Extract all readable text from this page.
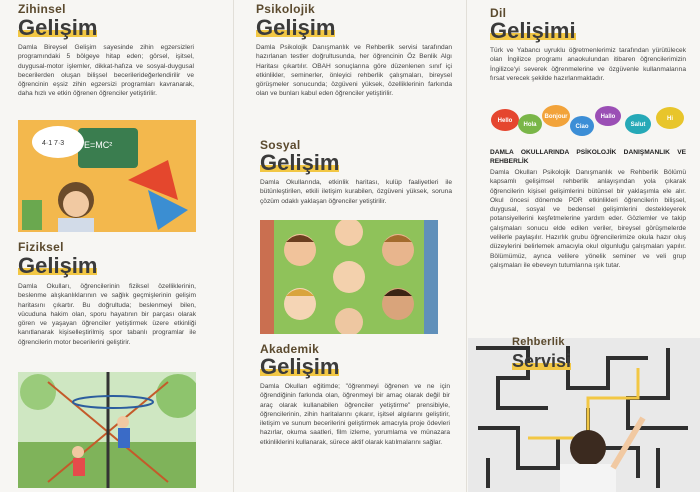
Zihinsel
Gelişim
Damla Bireysel Gelişim sayesinde zihin egzersizleri programındaki 5 bölgeye hitap eden; görsel, işitsel, duygusal-motor işlemler, dikkat-hafıza ve sosyal-duygusal becerilerden oluşan bilişsel becerilerideğerlendirilir ve öğrencinin eşsiz zihin egzersizi programları kavranarak, daha hızlı ve etkin öğrenen öğrenciler yetiştirilir.
E=MC²
4·1 7·3
Fiziksel
Gelişim
Damla Okulları, öğrencilerinin fiziksel özelliklerinin, beslenme alışkanlıklarının ve sağlık geçmişlerinin gelişim haritasını çıkartır. Bu doğrultuda; beslenmeyi bilen, vücuduna hakim olan, sporu hayatının bir parçası olarak gören ve yaşayan öğrenciler yetiştirmek üzere etkinliği kanıtlanarak kişiselleştirilmiş spor tabanlı programlar ile öğrencilerin motor becerilerini geliştirir.
Psikolojik
Gelişim
Damla Psikolojik Danışmanlık ve Rehberlik servisi tarafından hazırlanan testler doğrultusunda, her öğrencinin Öz Benlik Algı Haritası çıkartılır. OBAH sonuçlarına göre düzenlenen sınıf içi etkinlikler, seminerler, önleyici rehberlik çalışmaları, bireysel görüşmeler sonucunda; özgüveni yüksek, özelliklerinin farkında olan ve bunları kabul eden öğrenciler yetiştirilir.
Sosyal
Gelişim
Damla Okullarında, etkinlik haritası, kulüp faaliyetleri ile bütünleştirilen, etkili iletişim kurabilen, özgüveni yüksek, soruna çözüm odaklı yaklaşan öğrenciler yetiştirilir.
Akademik
Gelişim
Damla Okulları eğitimde; "öğrenmeyi öğrenen ve ne için öğrendiğinin farkında olan, öğrenmeyi bir amaç olarak değil bir araç olarak kullanabilen öğrenciler yetiştirme" prensibiyle, öğrencilerinin, zihin haritalarını çıkarır, işitsel algılarını geliştirir, iletişim ve sunum becerilerini geliştirmek amacıyla proje ödevleri hazırlar, okuma saatleri, film izleme, yorumlama ve münazara etkinliklerini kullanarak, sürece aktif olarak katılmalarını sağlar.
Dil
Gelişimi
Türk ve Yabancı uyruklu öğretmenlerimiz tarafından yürütülecek olan İngilizce programı anaokulundan itibaren öğrencilerimizin İngilizce'yi severek öğrenmelerine ve özgüvenle kullanmalarına fırsat verecek şekilde hazırlanmaktadır.
Hello
Hola
Bonjour
Ciao
Hallo
Salut
Hi
DAMLA OKULLARINDA PSİKOLOJİK DANIŞMANLIK VE REHBERLİK
Damla Okulları Psikolojik Danışmanlık ve Rehberlik Bölümü kapsamlı gelişimsel rehberlik anlayışından yola çıkarak öğrencilerin kişisel gelişimlerini bütünsel bir yaklaşımla ele alır. Okul öncesi dönemde PDR etkinlikleri öğrencilerin bilişsel, duygusal, sosyal ve bedensel gelişimlerini destekleyerek potansiyellerini keşfetmelerine yardım eder. Gözlemler ve takip çalışmaları sonucu elde edilen veriler, bireysel görüşmelerde velilerle paylaşılır. Hazırlık grubu öğrencilerimize okula hazır oluş düzeylerini belirlemek amacıyla okul olgunluğu çalışmaları yapılır. Bölümümüz, ayrıca velilere yönelik seminer ve veli grup çalışmaları ile ebeveyn tutumlarına ışık tutar.
Rehberlik
Servisi
